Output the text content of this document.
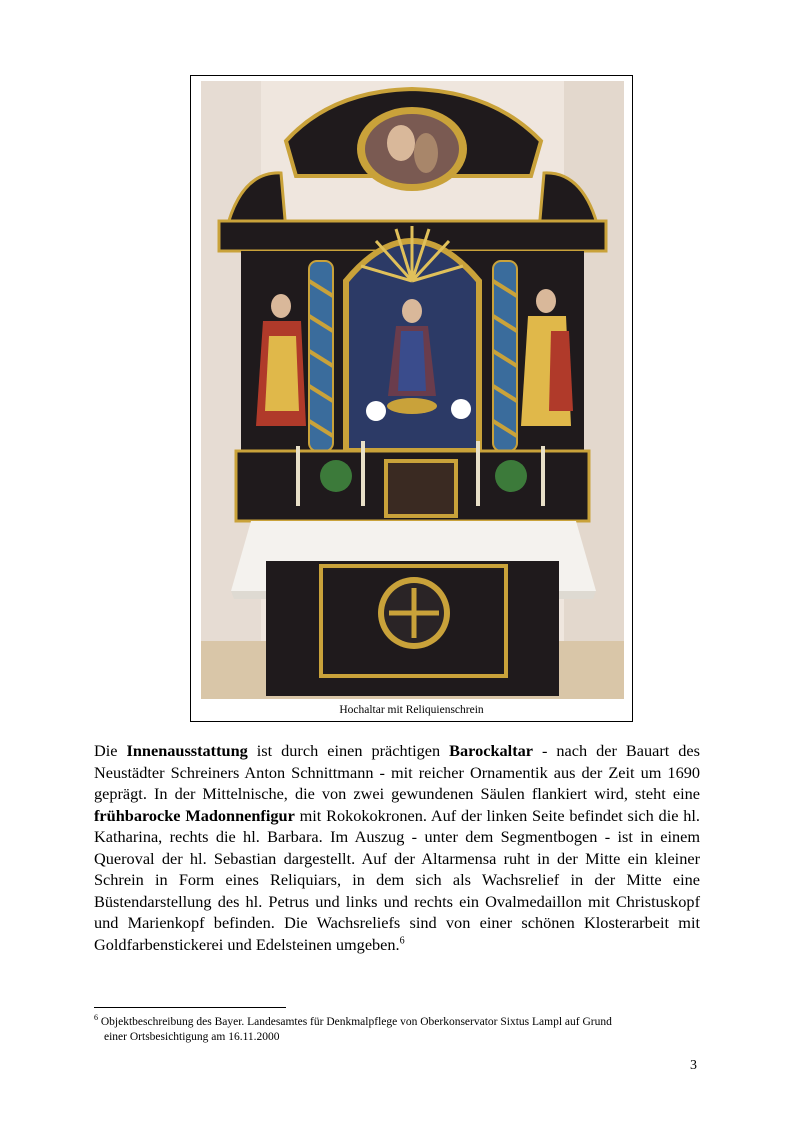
Hochaltar mit Reliquienschrein
Die Innenausstattung ist durch einen prächtigen Barockaltar - nach der Bauart des Neustädter Schreiners Anton Schnittmann - mit reicher Ornamentik aus der Zeit um 1690 geprägt. In der Mittelnische, die von zwei gewundenen Säulen flankiert wird, steht eine frühbarocke Madonnenfigur mit Rokokokronen. Auf der linken Seite befindet sich die hl. Katharina, rechts die hl. Barbara. Im Auszug - unter dem Segmentbogen - ist in einem Queroval der hl. Sebastian dargestellt. Auf der Altarmensa ruht in der Mitte ein kleiner Schrein in Form eines Reliquiars, in dem sich als Wachsrelief in der Mitte eine Büstendarstellung des hl. Petrus und links und rechts ein Ovalmedaillon mit Christuskopf und Marienkopf befinden. Die Wachsreliefs sind von einer schönen Klosterarbeit mit Goldfarbenstickerei und Edelsteinen umgeben.$^6$
$^6$ Objektbeschreibung des Bayer. Landesamtes für Denkmalpflege von Oberkonservator Sixtus Lampl auf Grund
einer Ortsbesichtigung am 16.11.2000
3
